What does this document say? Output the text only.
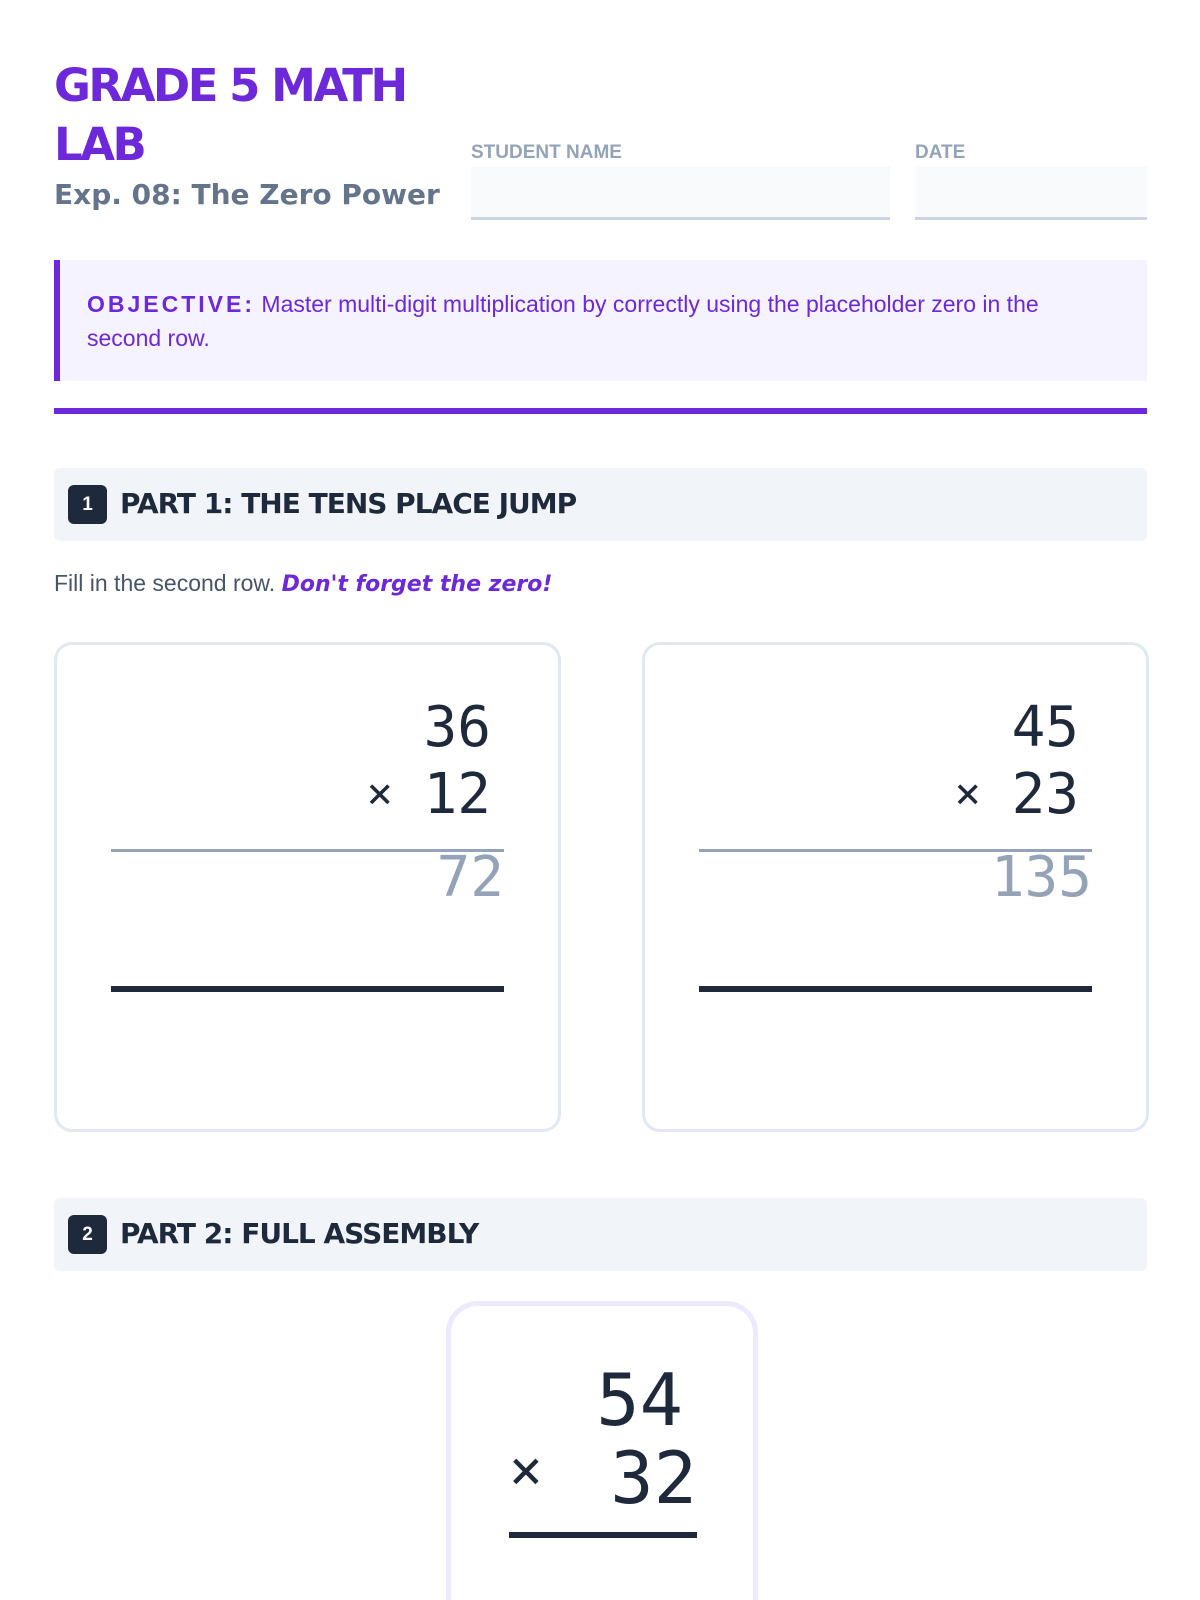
GRADE 5 MATH LAB
Exp. 08: The Zero Power
STUDENT NAME	DATE
OBJECTIVE: Master multi-digit multiplication by correctly using the placeholder zero in the second row.
1 PART 1: THE TENS PLACE JUMP
Fill in the second row. Don't forget the zero!
36
× 12
72
45
× 23
135
2 PART 2: FULL ASSEMBLY
54
× 32
